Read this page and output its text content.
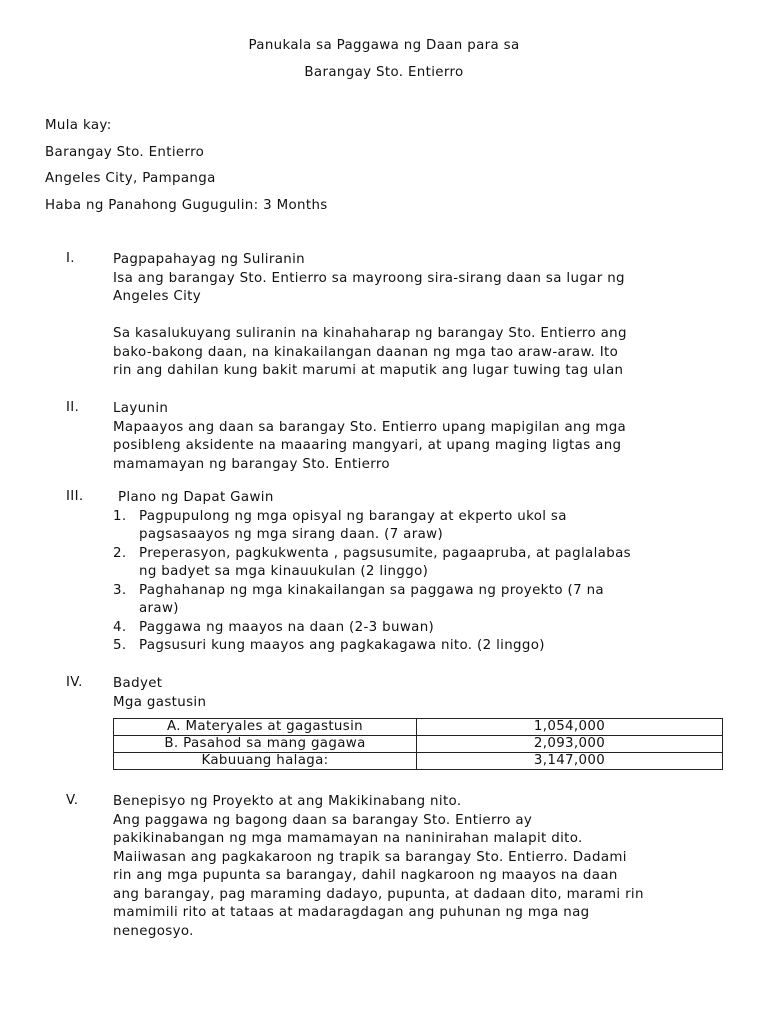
Panukala sa Paggawa ng Daan para sa
Barangay Sto. Entierro
Mula kay:
Barangay Sto. Entierro
Angeles City, Pampanga
Haba ng Panahong Gugugulin: 3 Months
I.	Pagpapahayag ng Suliranin
Isa ang barangay Sto. Entierro sa mayroong sira-sirang daan sa lugar ng
Angeles City
Sa kasalukuyang suliranin na kinahaharap ng barangay Sto. Entierro ang
bako-bakong daan, na kinakailangan daanan ng mga tao araw-araw. Ito
rin ang dahilan kung bakit marumi at maputik ang lugar tuwing tag ulan
II.	Layunin
Mapaayos ang daan sa barangay Sto. Entierro upang mapigilan ang mga
posibleng aksidente na maaaring mangyari, at upang maging ligtas ang
mamamayan ng barangay Sto. Entierro
III.	Plano ng Dapat Gawin
1. Pagpupulong ng mga opisyal ng barangay at ekperto ukol sa
pagsasaayos ng mga sirang daan. (7 araw)
2. Preperasyon, pagkukwenta , pagsusumite, pagaapruba, at paglalabas
ng badyet sa mga kinauukulan (2 linggo)
3. Paghahanap ng mga kinakailangan sa paggawa ng proyekto (7 na
araw)
4. Paggawa ng maayos na daan (2-3 buwan)
5. Pagsusuri kung maayos ang pagkakagawa nito. (2 linggo)
IV. Badyet
Mga gastusin
A. Materyales at gagastusin	1,054,000
B. Pasahod sa mang gagawa	2,093,000
Kabuuang halaga:	3,147,000
V.	Benepisyo ng Proyekto at ang Makikinabang nito.
Ang paggawa ng bagong daan sa barangay Sto. Entierro ay
pakikinabangan ng mga mamamayan na naninirahan malapit dito.
Maiiwasan ang pagkakaroon ng trapik sa barangay Sto. Entierro. Dadami
rin ang mga pupunta sa barangay, dahil nagkaroon ng maayos na daan
ang barangay, pag maraming dadayo, pupunta, at dadaan dito, marami rin
mamimili rito at tataas at madaragdagan ang puhunan ng mga nag
nenegosyo.
